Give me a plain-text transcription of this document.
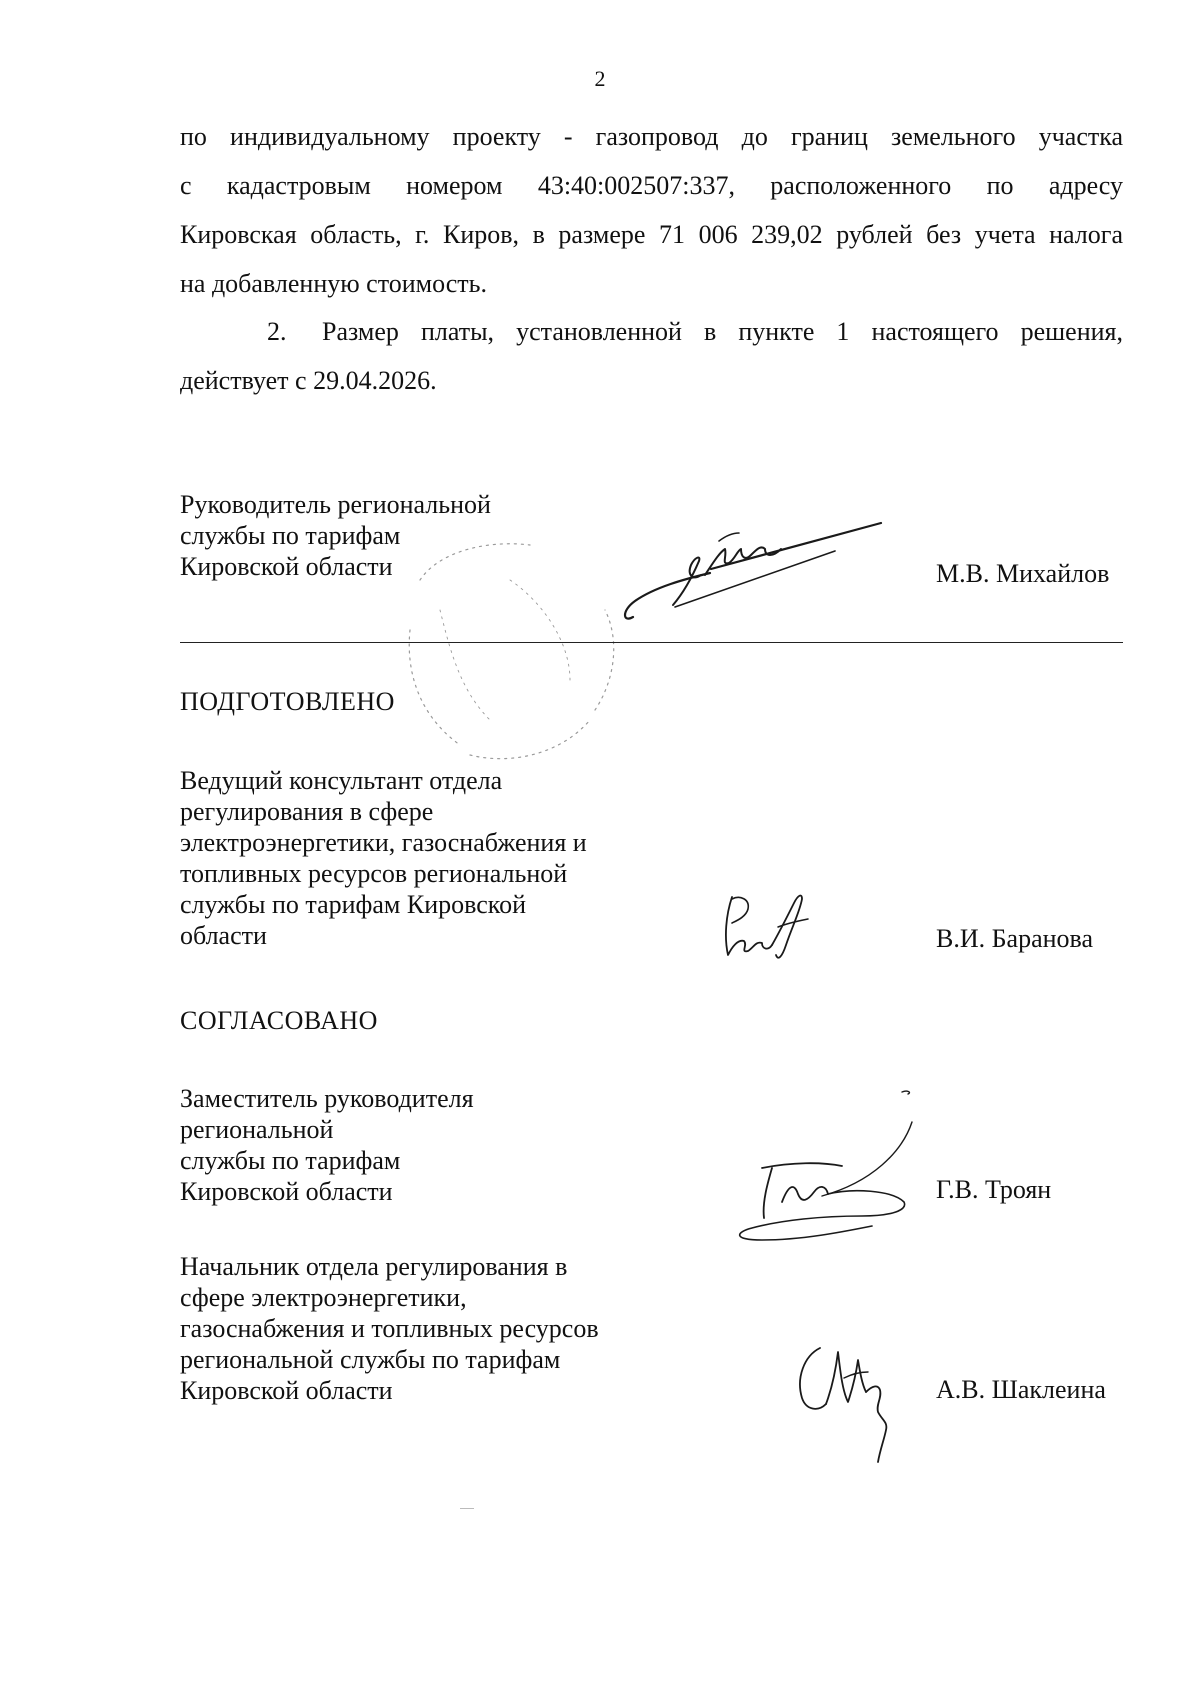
2
по индивидуальному проекту - газопровод до границ земельного участка
с кадастровым номером 43:40:002507:337, расположенного по адресу
Кировская область, г. Киров, в размере 71 006 239,02 рублей без учета налога
на добавленную стоимость.
2. Размер платы, установленной в пункте 1 настоящего решения,
действует с 29.04.2026.
Руководитель региональной
службы по тарифам
Кировской области	М.В. Михайлов
ПОДГОТОВЛЕНО
Ведущий консультант отдела
регулирования в сфере
электроэнергетики, газоснабжения и
топливных ресурсов региональной
службы по тарифам Кировской
области	В.И. Баранова
СОГЛАСОВАНО
Заместитель руководителя
региональной
службы по тарифам
Кировской области	Г.В. Троян
Начальник отдела регулирования в
сфере электроэнергетики,
газоснабжения и топливных ресурсов
региональной службы по тарифам
Кировской области	А.В. Шаклеина
